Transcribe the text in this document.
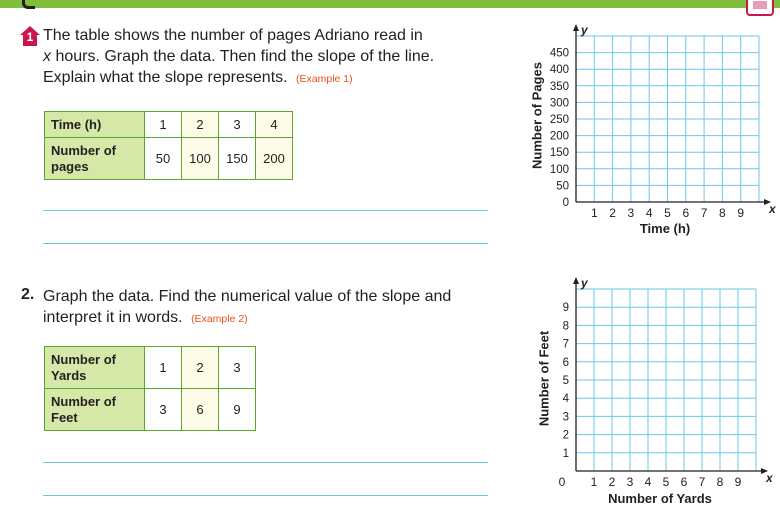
1 The table shows the number of pages Adriano read in
x hours. Graph the data. Then find the slope of the line. Explain what the slope represents. (Example 1)
Time (h)	1	2	3	4
Number of pages	50	100	150	200
2. Graph the data. Find the numerical value of the slope and interpret it in words. (Example 2)
Number of Yards	1	2	3
Number of Feet	3	6	9
1 2 3 4 5 6 7 8 9
0
50
100
150
200
250
300
350
400
450
x
y
Number of Pages
Time (h)
1 2 3 4 5 6 7 8 9
1
2
3
4
5
6
7
8
9
0	x
y
Number of Feet
Number of Yards
